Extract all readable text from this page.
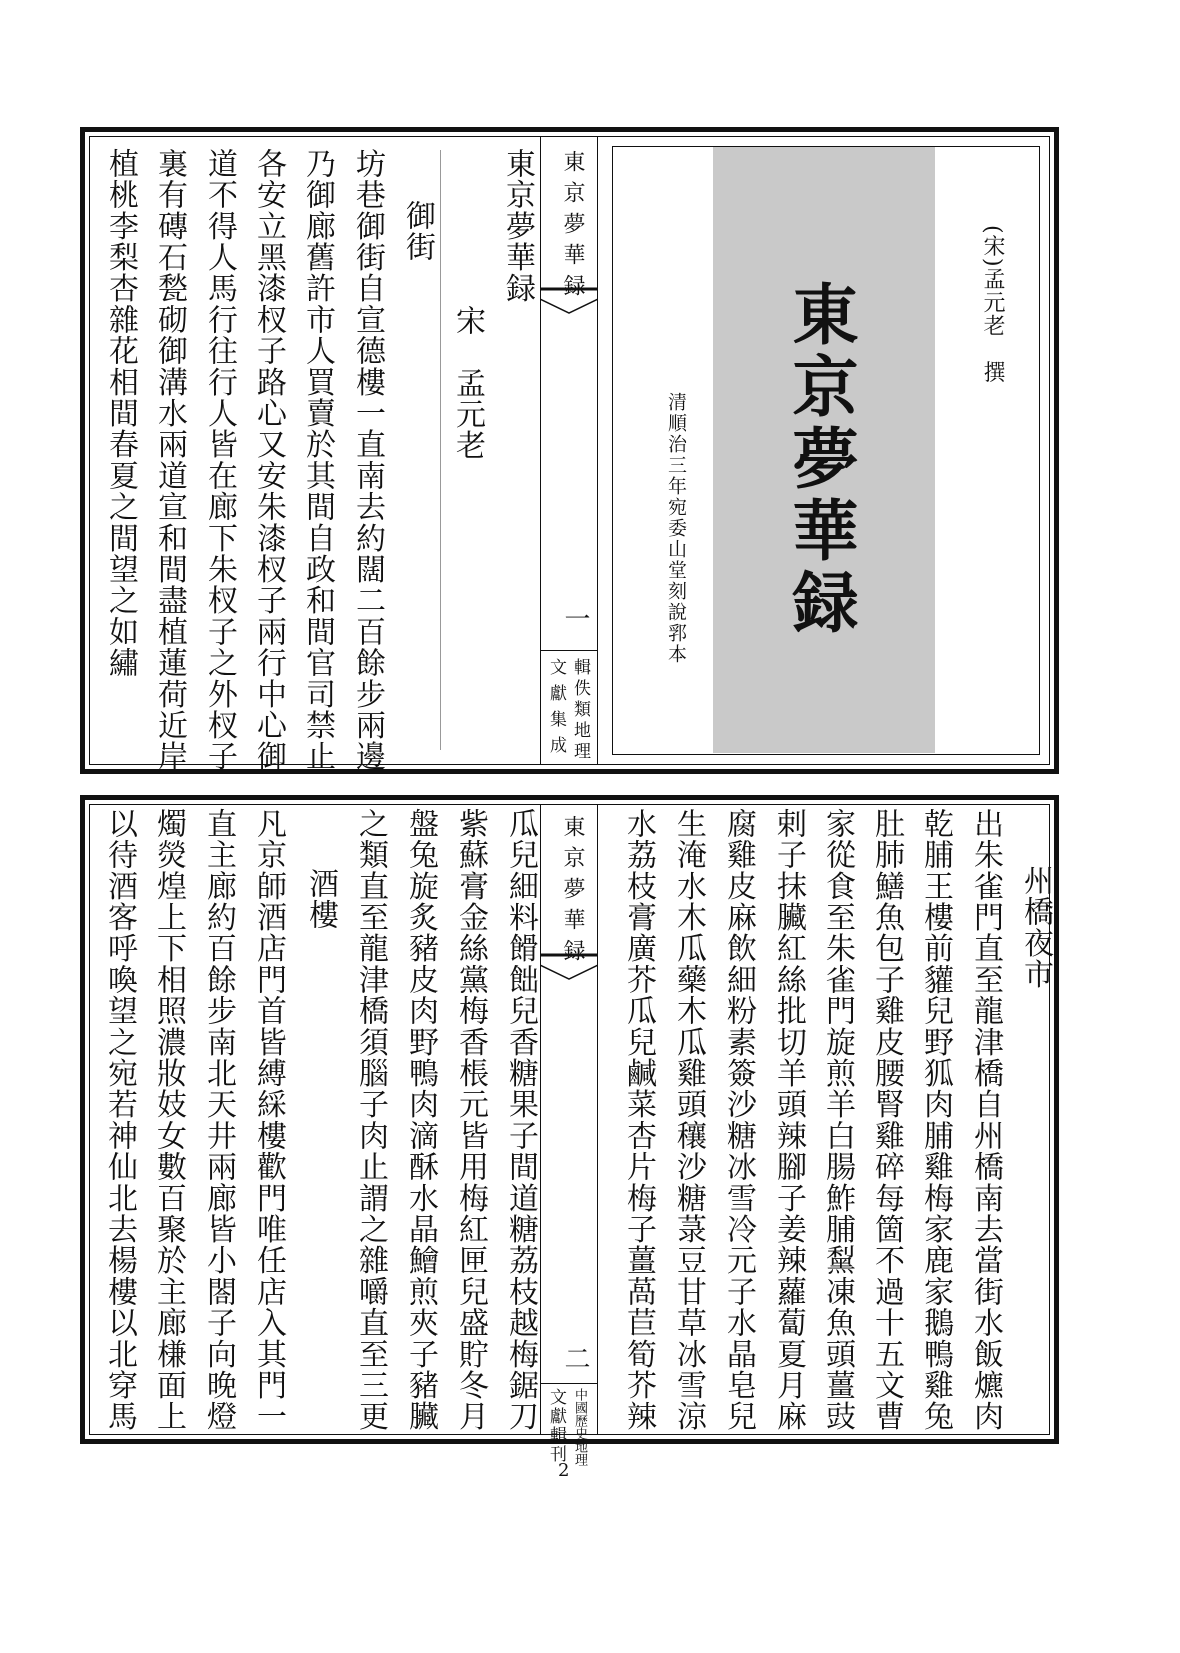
(宋)孟元老　撰
東京夢華録
清順治三年宛委山堂刻說郛本
東京夢華録
一
輯佚類地理
文獻集成
東京夢華録
宋　孟元老
御街
坊巷御街自宣德樓一直南去約闊二百餘步兩邊
乃御廊舊許市人買賣於其間自政和間官司禁止
各安立黑漆杈子路心又安朱漆杈子兩行中心御
道不得人馬行往行人皆在廊下朱杈子之外杈子
裏有磚石甃砌御溝水兩道宣和間盡植蓮荷近岸
植桃李梨杏雜花相間春夏之間望之如繡
東京夢華録
二
中國歷史地理
文獻輯刊
州橋夜市
出朱雀門直至龍津橋自州橋南去當街水飯爊肉
乾脯王樓前貛兒野狐肉脯雞梅家鹿家鵝鴨雞兔
肚肺鱔魚包子雞皮腰腎雞碎每箇不過十五文曹
家從食至朱雀門旋煎羊白腸鮓脯䵩凍魚頭薑豉
剌子抹臟紅絲批切羊頭辣腳子姜辣蘿蔔夏月麻
腐雞皮麻飲細粉素簽沙糖冰雪冷元子水晶皂兒
生淹水木瓜藥木瓜雞頭穰沙糖菉豆甘草冰雪涼
水荔枝膏廣芥瓜兒鹹菜杏片梅子薑萵苣筍芥辣
瓜兒細料餶飿兒香糖果子間道糖荔枝越梅鋸刀
紫蘇膏金絲黨梅香棖元皆用梅紅匣兒盛貯冬月
盤兔旋炙豬皮肉野鴨肉滴酥水晶鱠煎夾子豬臟
之類直至龍津橋須腦子肉止謂之雜嚼直至三更
酒樓
凡京師酒店門首皆縛綵樓歡門唯任店入其門一
直主廊約百餘步南北天井兩廊皆小閤子向晚燈
燭熒煌上下相照濃妝妓女數百聚於主廊槏面上
以待酒客呼喚望之宛若神仙北去楊樓以北穿馬
2
